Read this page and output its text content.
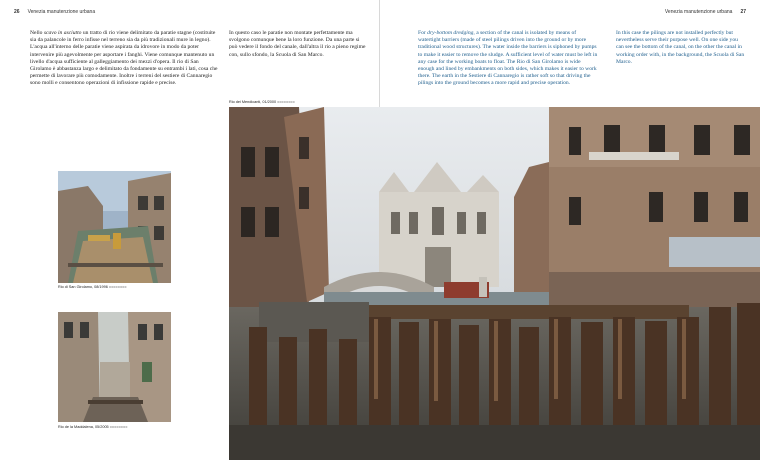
26 Venezia manutenzione urbana

Nello scavo in asciutto un tratto di rio viene delimitato da paratie stagne (costituite sia da palancole in ferro infisse nel terreno sia da più tradizionali mure in legno). L'acqua all'interno delle paratie viene aspirata da idrovore in modo da poter intervenire più agevolmente per asportare i fanghi. Viene comunque mantenuto un livello d'acqua sufficiente al galleggiamento dei mezzi d'opera. Il rio di San Girolamo è abbastanza largo e delimitato da fondamente su entrambi i lati, cosa che permette di lavorare più comodamente. Inoltre i terreni del sestiere di Cannaregio sono molli e consentono operazioni di infissione rapide e precise.

In questo caso le paratie non montate perfettamente ma svolgono comunque bene la loro funzione. Da una parte si può vedere il fondo del canale, dall'altra il rio a pieno regime con, sullo sfondo, la Scuola di San Marco.

Rio di San Girolamo, 08/1996 ========
Rio de la Maddalena, 05/2005 ========
Rio dei Mendicanti, 01/2000 ========
Venezia manutenzione urbana 27

For dry-bottom dredging, a section of the canal is isolated by means of watertight barriers (made of steel pilings driven into the ground or by more traditional wood structures). The water inside the barriers is siphoned by pumps to make it easier to remove the sludge. A sufficient level of water must be left in any case for the working boats to float. The Rio di San Girolamo is wide enough and lined by embankments on both sides, which makes it easier to work there. The earth in the Sestiere di Cannaregio is rather soft so that driving the pilings into the ground becomes a more rapid and precise operation.

In this case the pilings are not installed perfectly but nevertheless serve their purpose well. On one side you can see the bottom of the canal, on the other the canal in working order with, in the background, the Scuola di San Marco.
